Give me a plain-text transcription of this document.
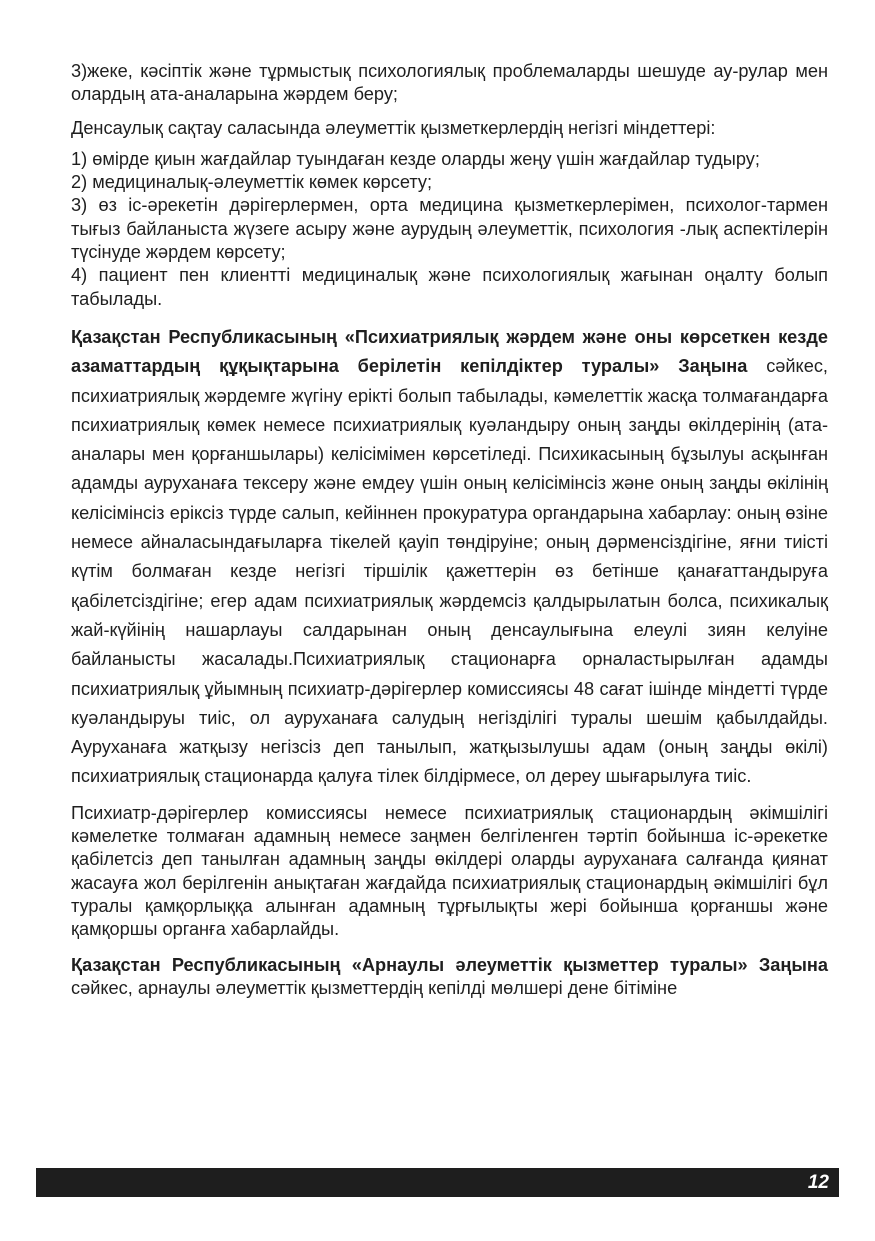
3)жеке, кәсіптік және тұрмыстық психологиялық проблемаларды шешуде ау-рулар мен олардың ата-аналарына жәрдем беру;

Денсаулық сақтау саласында әлеуметтік қызметкерлердің негізгі міндеттері:

1) өмірде қиын жағдайлар туындаған кезде оларды жеңу үшін жағдайлар тудыру;

2) медициналық-әлеуметтік көмек көрсету;

3) өз іс-әрекетін дәрігерлермен, орта медицина қызметкерлерімен, психолог-тармен тығыз байланыста жүзеге асыру және аурудың әлеуметтік, психология -лық аспектілерін түсінуде жәрдем көрсету;

4) пациент пен клиентті медициналық және психологиялық жағынан оңалту болып табылады.

Қазақстан Республикасының «Психиатриялық жәрдем және оны көрсеткен кезде азаматтардың құқықтарына берілетін кепілдіктер туралы» Заңына сәйкес, психиатриялық жәрдемге жүгіну ерікті болып табылады, кәмелеттік жасқа толмағандарға психиатриялық көмек немесе психиатриялық куәландыру оның заңды өкілдерінің (ата-аналары мен қорғаншылары) келісімімен көрсетіледі. Психикасының бұзылуы асқынған адамды ауруханаға тексеру және емдеу үшін оның келісімінсіз және оның заңды өкілінің келісімінсіз еріксіз түрде салып, кейіннен прокуратура органдарына хабарлау: оның өзіне немесе айналасындағыларға тікелей қауіп төндіруіне; оның дәрменсіздігіне, яғни тиісті күтім болмаған кезде негізгі тіршілік қажеттерін өз бетінше қанағаттандыруға қабілетсіздігіне; егер адам психиатриялық жәрдемсіз қалдырылатын болса, психикалық жай-күйінің нашарлауы салдарынан оның денсаулығына елеулі зиян келуіне байланысты жасалады.Психиатриялық стационарға орналастырылған адамды психиатриялық ұйымның психиатр-дәрігерлер комиссиясы 48 сағат ішінде міндетті түрде куәландыруы тиіс, ол ауруханаға салудың негізділігі туралы шешім қабылдайды. Ауруханаға жатқызу негізсіз деп танылып, жатқызылушы адам (оның заңды өкілі) психиатриялық стационарда қалуға тілек білдірмесе, ол дереу шығарылуға тиіс.

Психиатр-дәрігерлер комиссиясы немесе психиатриялық стационардың әкімшілігі кәмелетке толмаған адамның немесе заңмен белгіленген тәртіп бойынша іс-әрекетке қабілетсіз деп танылған адамның заңды өкілдері оларды ауруханаға салғанда қиянат жасауға жол берілгенін анықтаған жағдайда психиатриялық стационардың әкімшілігі бұл туралы қамқорлыққа алынған адамның тұрғылықты жері бойынша қорғаншы және қамқоршы органға хабарлайды.

Қазақстан Республикасының «Арнаулы әлеуметтік қызметтер туралы» Заңына сәйкес, арнаулы әлеуметтік қызметтердің кепілді мөлшері дене бітіміне

12
